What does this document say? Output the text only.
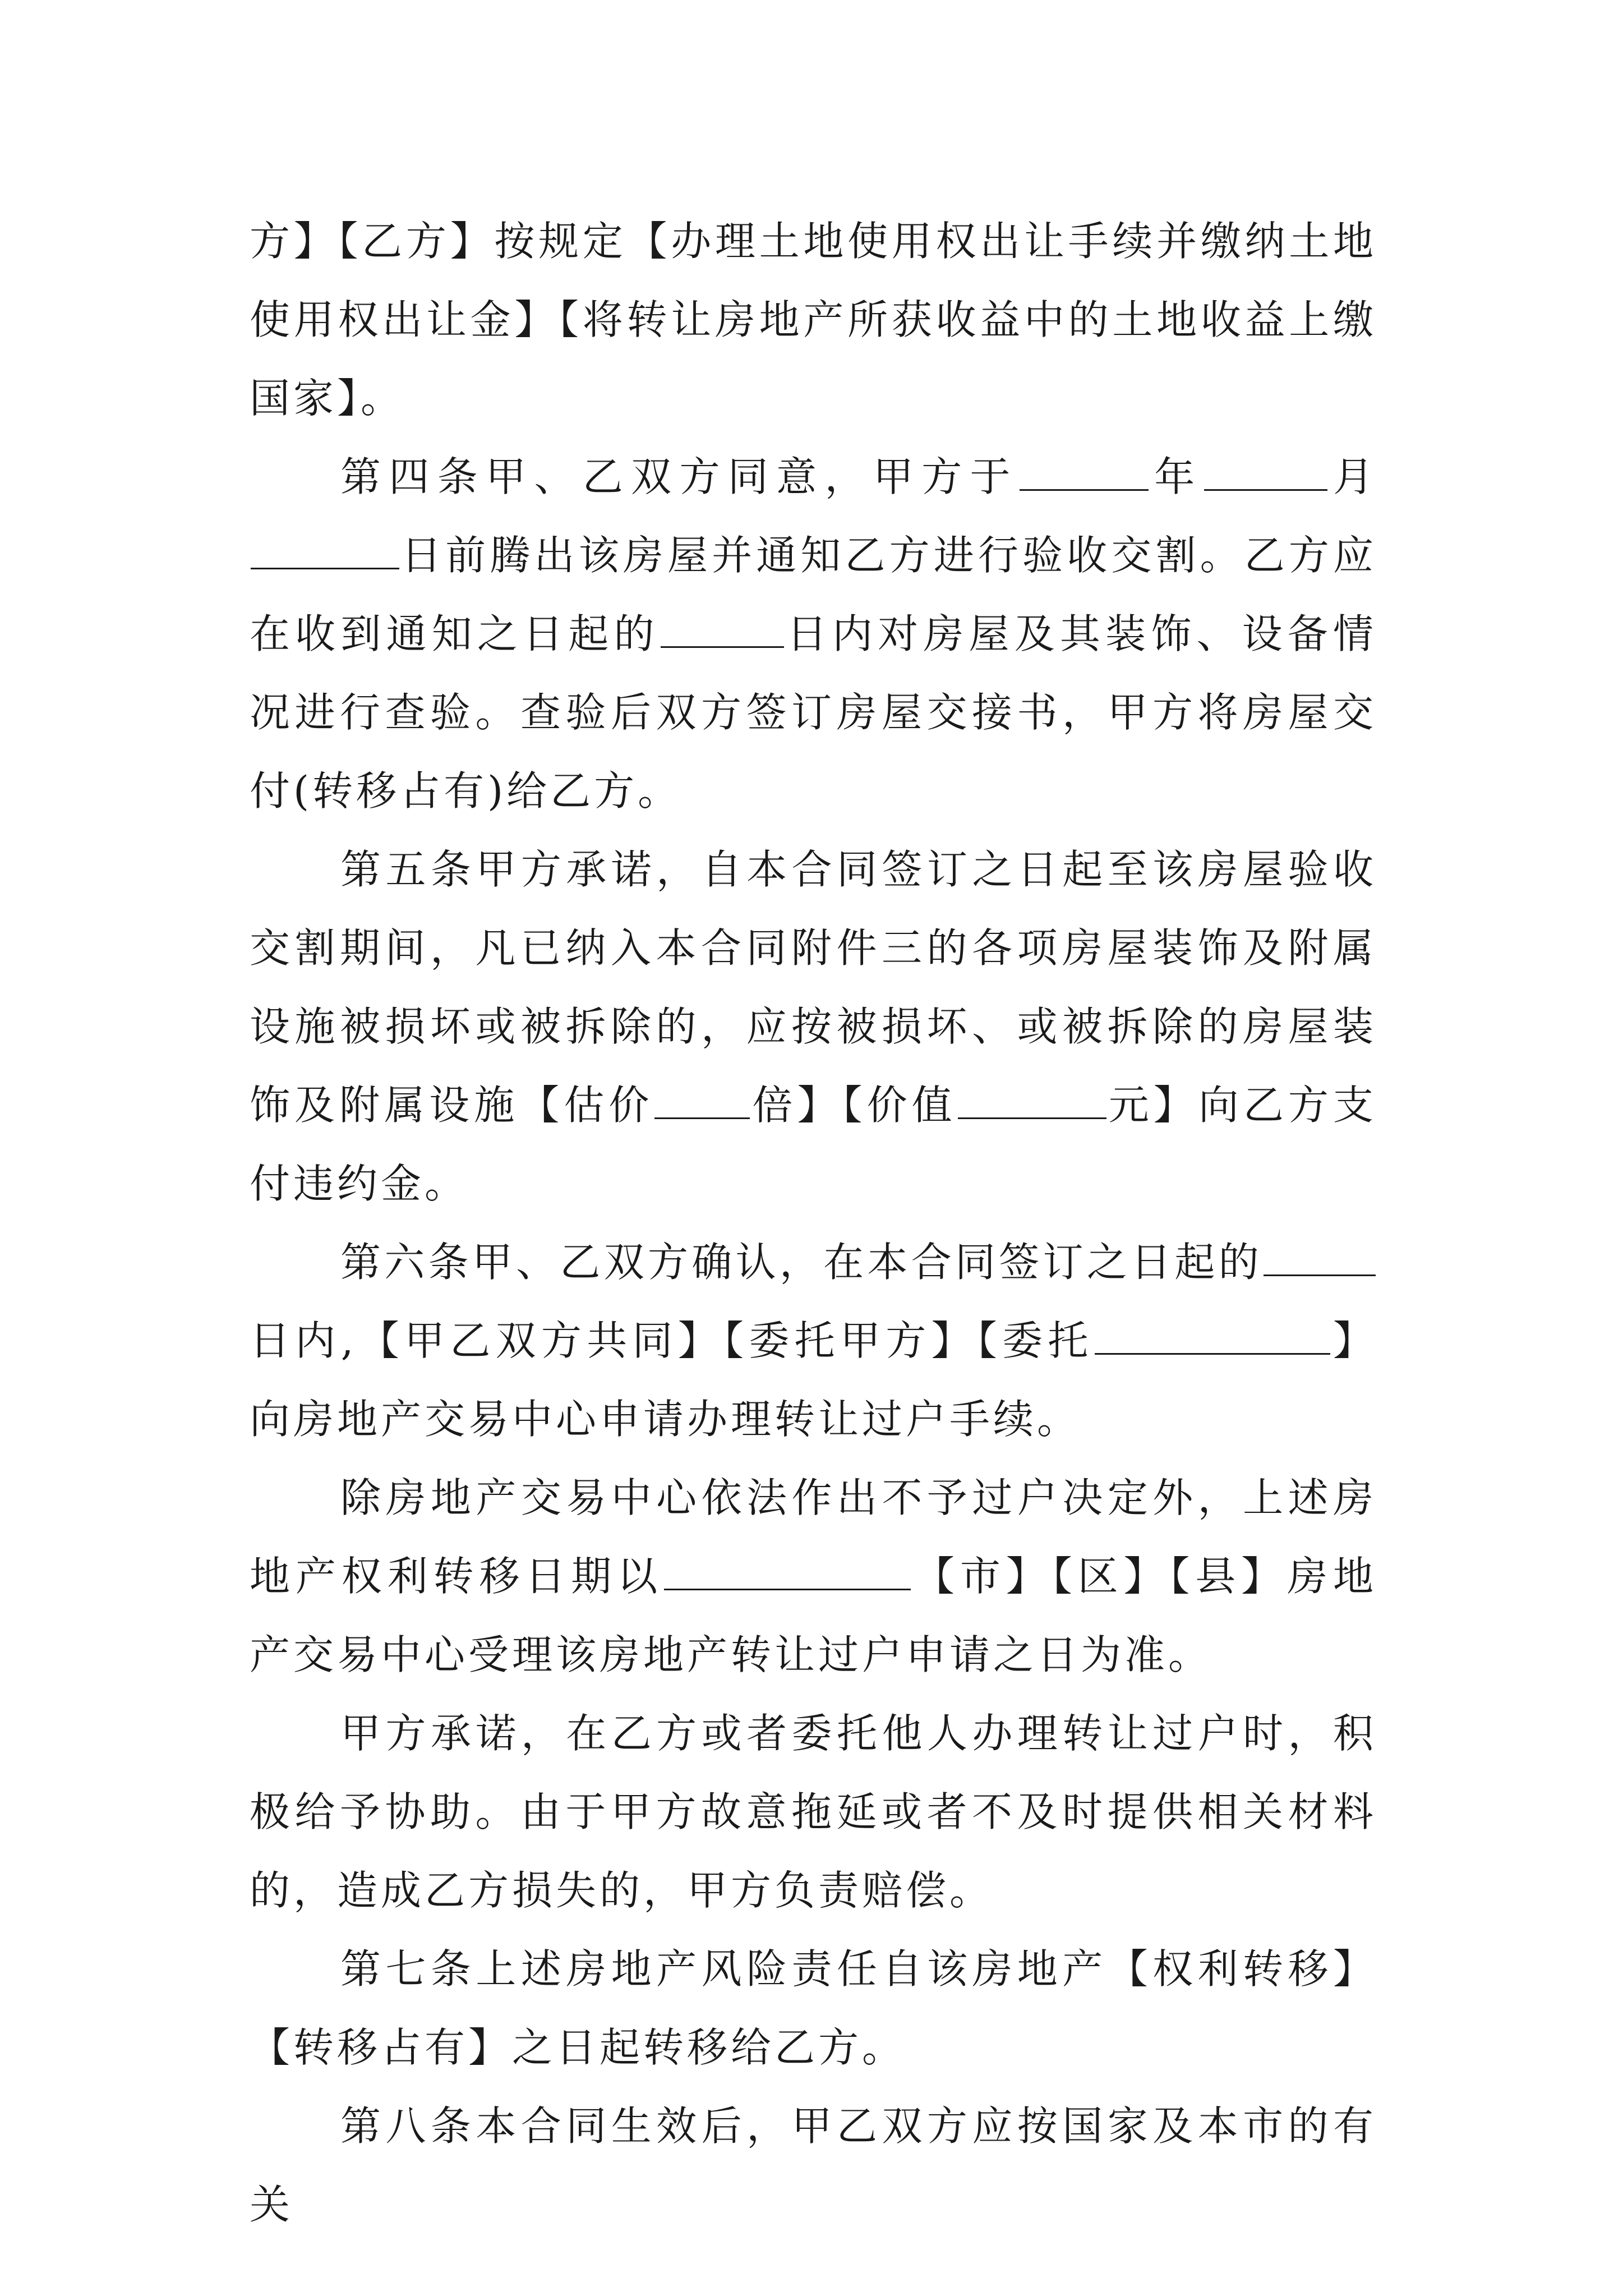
方】【乙方】按规定【办理土地使用权出让手续并缴纳土地使用权出让金】【将转让房地产所获收益中的土地收益上缴国家】。

第四条甲、乙双方同意，甲方于	年	月日前腾出该房屋并通知乙方进行验收交割。乙方应在收到通知之日起的	日内对房屋及其装饰、设备情况进行查验。查验后双方签订房屋交接书，甲方将房屋交付(转移占有)给乙方。

第五条甲方承诺，自本合同签订之日起至该房屋验收交割期间，凡已纳入本合同附件三的各项房屋装饰及附属设施被损坏或被拆除的，应按被损坏、或被拆除的房屋装饰及附属设施【估价 倍】【价值	元】向乙方支付违约金。

第六条甲、乙双方确认，在本合同签订之日起的日内,【甲乙双方共同】【委托甲方】【委托	】向房地产交易中心申请办理转让过户手续。

除房地产交易中心依法作出不予过户决定外，上述房地产权利转移日期以	【市】【区】【县】房地产交易中心受理该房地产转让过户申请之日为准。

甲方承诺，在乙方或者委托他人办理转让过户时，积极给予协助。由于甲方故意拖延或者不及时提供相关材料的，造成乙方损失的，甲方负责赔偿。

第七条上述房地产风险责任自该房地产【权利转移】【转移占有】之日起转移给乙方。

第八条本合同生效后，甲乙双方应按国家及本市的有关
